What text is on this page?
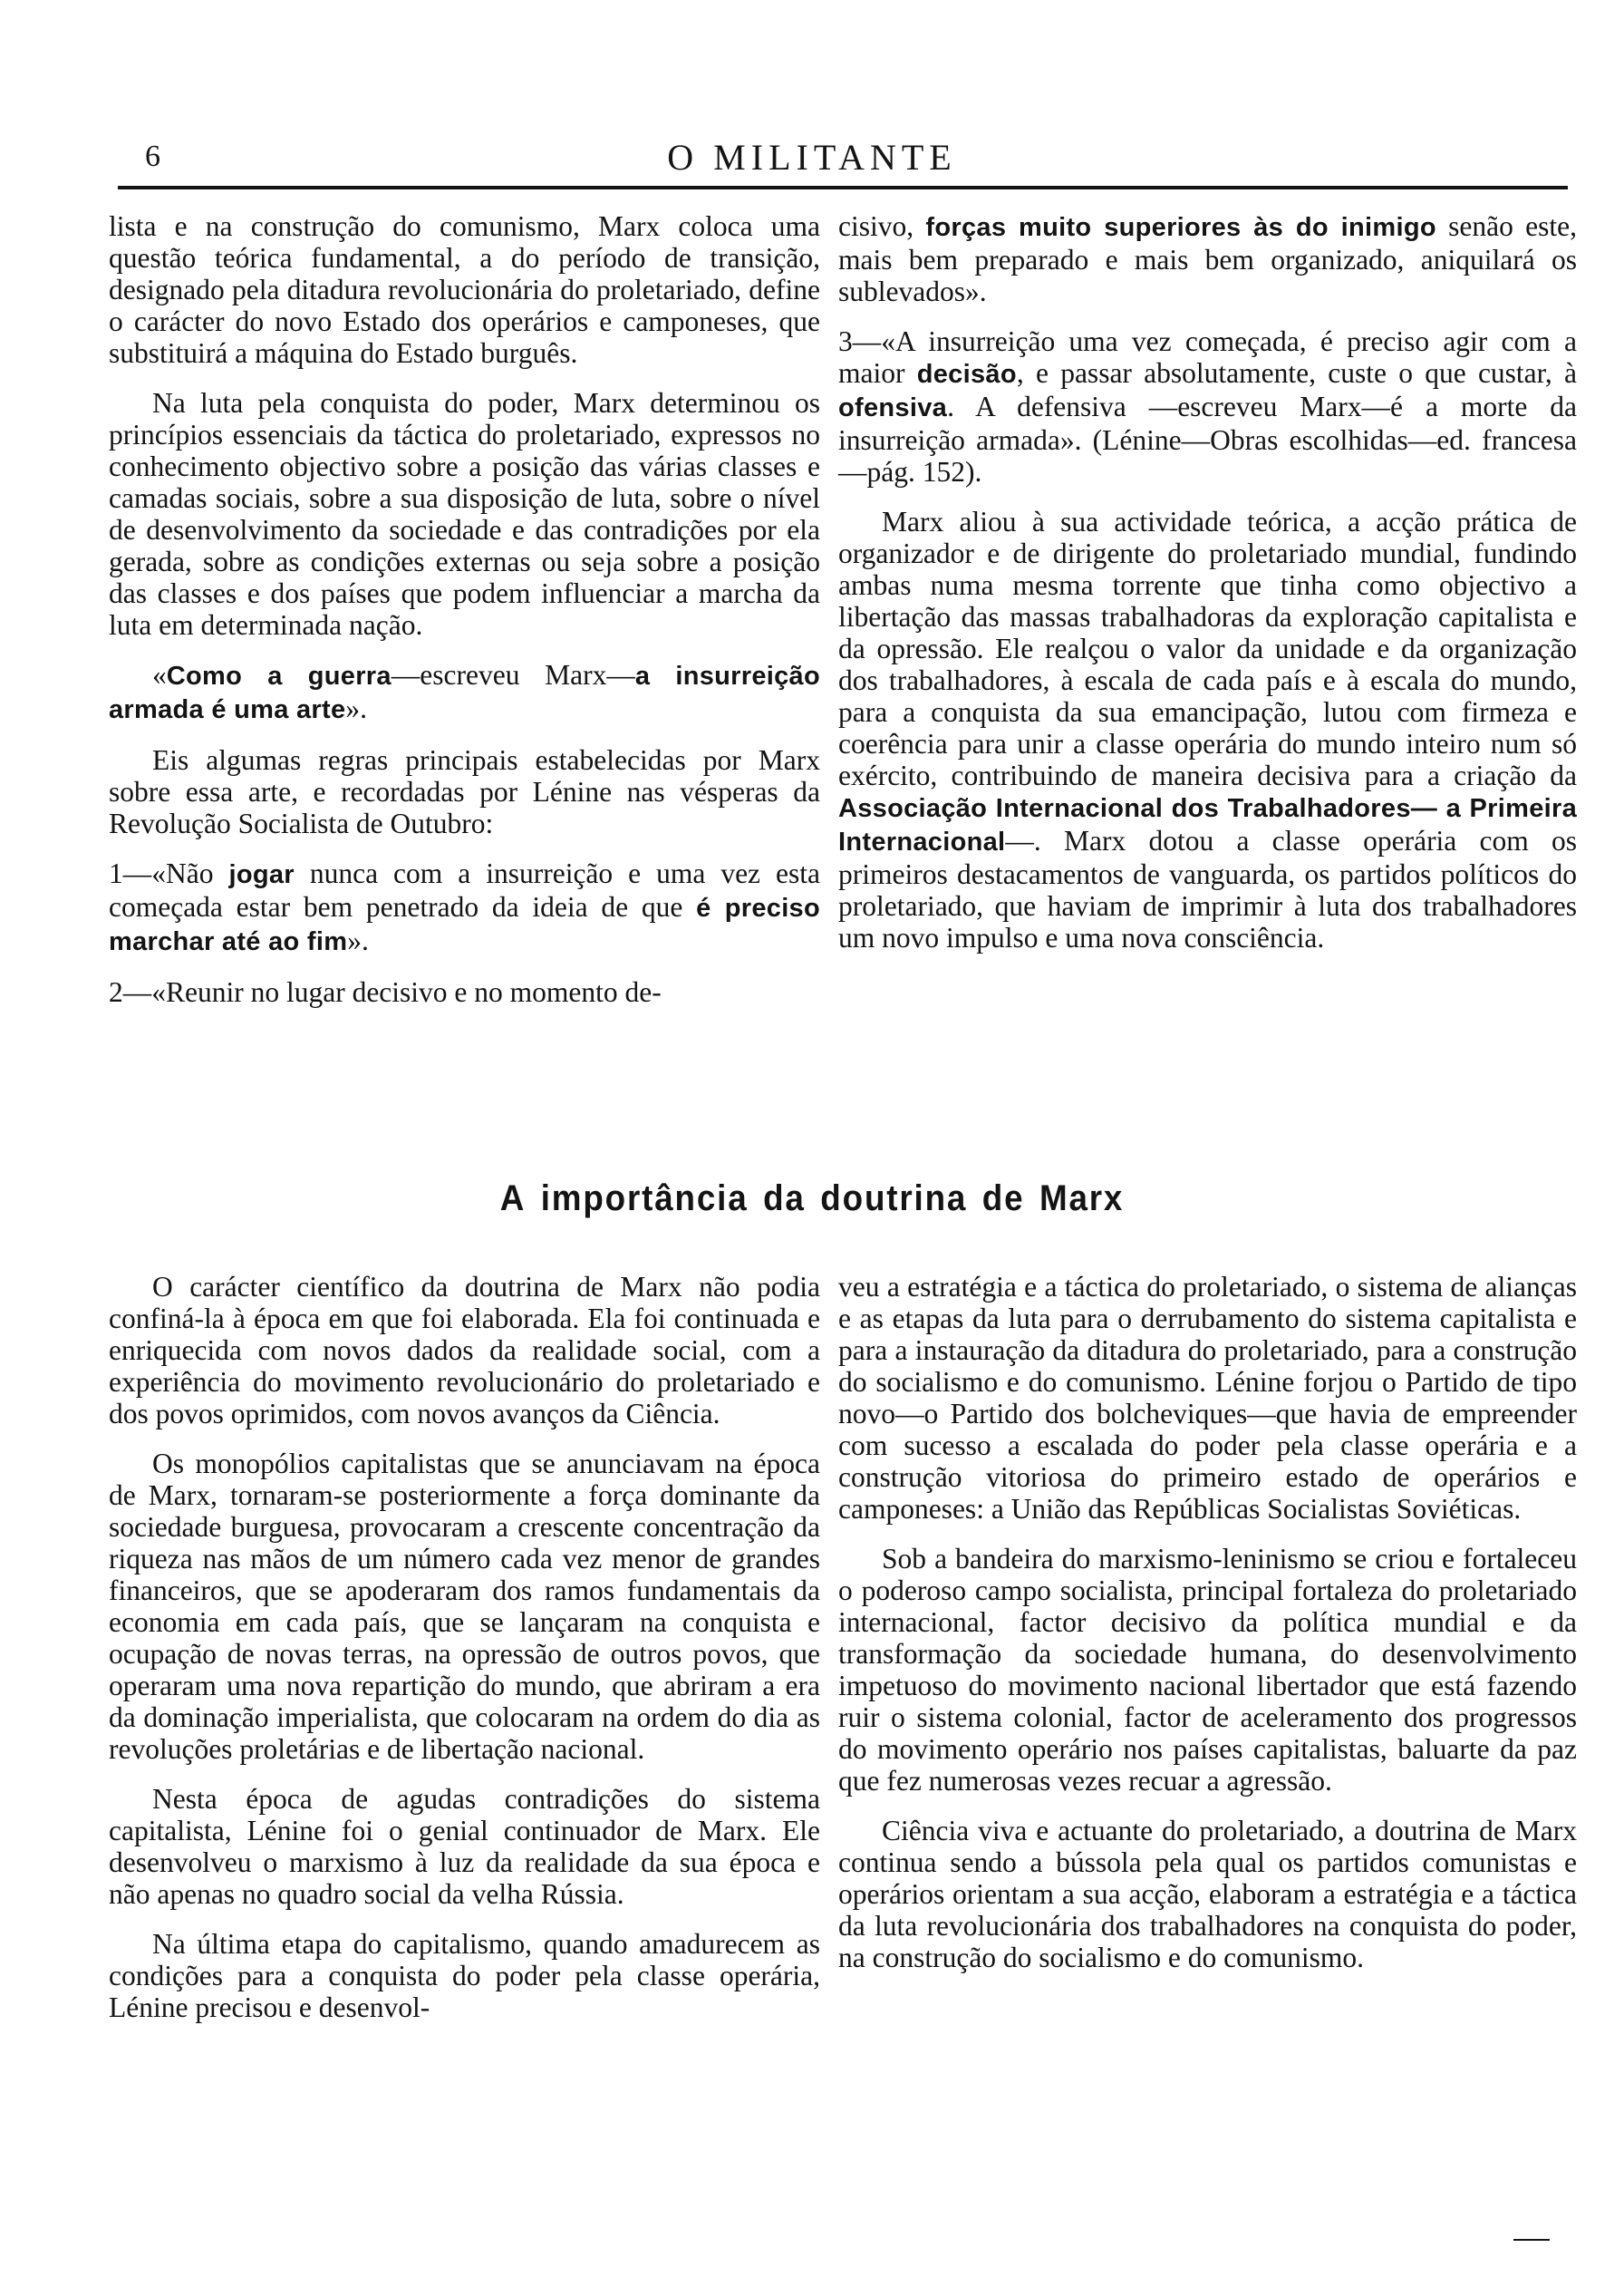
6	O MILITANTE

lista e na construção do comunismo, Marx coloca uma questão teórica fundamental, a do período de transição, designado pela ditadura revolucionária do proletariado, define o carácter do novo Estado dos operários e camponeses, que substituirá a máquina do Estado burguês.

Na luta pela conquista do poder, Marx determinou os princípios essenciais da táctica do proletariado, expressos no conhecimento objectivo sobre a posição das várias classes e camadas sociais, sobre a sua disposição de luta, sobre o nível de desenvolvimento da sociedade e das contradições por ela gerada, sobre as condições externas ou seja sobre a posição das classes e dos países que podem influenciar a marcha da luta em determinada nação.

«Como a guerra—escreveu Marx—a insurreição armada é uma arte».

Eis algumas regras principais estabelecidas por Marx sobre essa arte, e recordadas por Lénine nas vésperas da Revolução Socialista de Outubro:

1—«Não jogar nunca com a insurreição e uma vez esta começada estar bem penetrado da ideia de que é preciso marchar até ao fim».

2—«Reunir no lugar decisivo e no momento de-

cisivo, forças muito superiores às do inimigo senão este, mais bem preparado e mais bem organizado, aniquilará os sublevados».

3—«A insurreição uma vez começada, é preciso agir com a maior decisão, e passar absolutamente, custe o que custar, à ofensiva. A defensiva —escreveu Marx—é a morte da insurreição armada». (Lénine—Obras escolhidas—ed. francesa—pág. 152).

Marx aliou à sua actividade teórica, a acção prática de organizador e de dirigente do proletariado mundial, fundindo ambas numa mesma torrente que tinha como objectivo a libertação das massas trabalhadoras da exploração capitalista e da opressão. Ele realçou o valor da unidade e da organização dos trabalhadores, à escala de cada país e à escala do mundo, para a conquista da sua emancipação, lutou com firmeza e coerência para unir a classe operária do mundo inteiro num só exército, contribuindo de maneira decisiva para a criação da Associação Internacional dos Trabalhadores— a Primeira Internacional—. Marx dotou a classe operária com os primeiros destacamentos de vanguarda, os partidos políticos do proletariado, que haviam de imprimir à luta dos trabalhadores um novo impulso e uma nova consciência.

A importância da doutrina de Marx

O carácter científico da doutrina de Marx não podia confiná-la à época em que foi elaborada. Ela foi continuada e enriquecida com novos dados da realidade social, com a experiência do movimento revolucionário do proletariado e dos povos oprimidos, com novos avanços da Ciência.

Os monopólios capitalistas que se anunciavam na época de Marx, tornaram-se posteriormente a força dominante da sociedade burguesa, provocaram a crescente concentração da riqueza nas mãos de um número cada vez menor de grandes financeiros, que se apoderaram dos ramos fundamentais da economia em cada país, que se lançaram na conquista e ocupação de novas terras, na opressão de outros povos, que operaram uma nova repartição do mundo, que abriram a era da dominação imperialista, que colocaram na ordem do dia as revoluções proletárias e de libertação nacional.

Nesta época de agudas contradições do sistema capitalista, Lénine foi o genial continuador de Marx. Ele desenvolveu o marxismo à luz da realidade da sua época e não apenas no quadro social da velha Rússia.

Na última etapa do capitalismo, quando amadurecem as condições para a conquista do poder pela classe operária, Lénine precisou e desenvol-

veu a estratégia e a táctica do proletariado, o sistema de alianças e as etapas da luta para o derrubamento do sistema capitalista e para a instauração da ditadura do proletariado, para a construção do socialismo e do comunismo. Lénine forjou o Partido de tipo novo—o Partido dos bolcheviques—que havia de empreender com sucesso a escalada do poder pela classe operária e a construção vitoriosa do primeiro estado de operários e camponeses: a União das Repúblicas Socialistas Soviéticas.

Sob a bandeira do marxismo-leninismo se criou e fortaleceu o poderoso campo socialista, principal fortaleza do proletariado internacional, factor decisivo da política mundial e da transformação da sociedade humana, do desenvolvimento impetuoso do movimento nacional libertador que está fazendo ruir o sistema colonial, factor de aceleramento dos progressos do movimento operário nos países capitalistas, baluarte da paz que fez numerosas vezes recuar a agressão.

Ciência viva e actuante do proletariado, a doutrina de Marx continua sendo a bússola pela qual os partidos comunistas e operários orientam a sua acção, elaboram a estratégia e a táctica da luta revolucionária dos trabalhadores na conquista do poder, na construção do socialismo e do comunismo.
